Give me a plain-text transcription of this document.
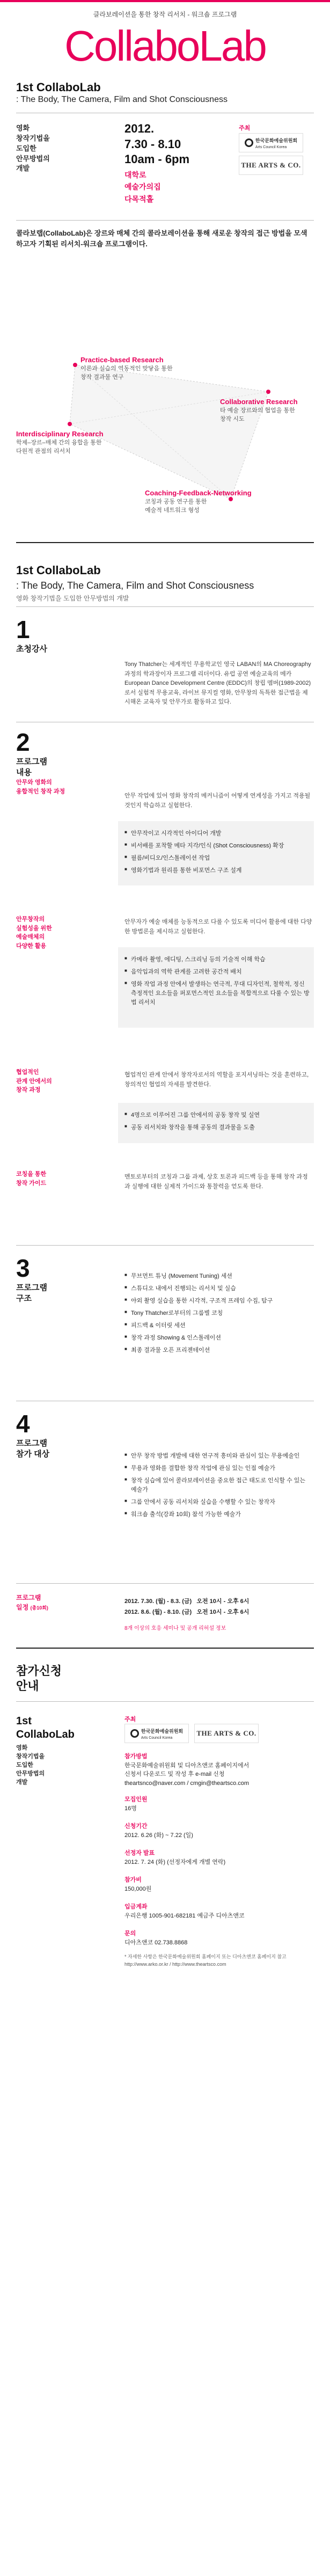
클라보레이션을 통한 창작 리서치 - 워크숍 프로그램
CollaboLab
1st CollaboLab
: The Body, The Camera, Film and Shot Consciousness
영화
창작기법을
도입한
안무방법의
개발
2012.
7.30 - 8.10
10am - 6pm
대학로
예술가의집
다목적홀
주최
한국문화예술위원회
Arts Council Korea
THE ARTS & CO.
콜라보랩(CollaboLab)은 장르와 매체 간의 콜라보레이션을 통해 새로운 창작의 접근 방법을 모색하고자 기획된 리서치-워크숍 프로그램이다.
Practice-based Research
이론과 실습의 역동적인 맞닿음 통한
창작 결과물 연구
Collaborative Research
타 예술 장르와의 협업을 통한
창작 시도
Interdisciplinary Research
학제–장르–매체 간의 융합을 통한
다원적 관점의 리서치
Coaching-Feedback-Networking
코칭과 공동 연구를 통한
예술적 네트워크 형성
1st CollaboLab
: The Body, The Camera, Film and Shot Consciousness
영화 창작기법을 도입한 안무방법의 개발
1
초청강사
Tony Thatcher는 세계적인 무용학교인 영국 LABAN의 MA Choreography 과정의 학과장이자 프로그램 리더이다. 유럽 공연 예술교육의 메카 European Dance Development Centre (EDDC)의 창립 멤버(1989-2002)로서 실험적 무용교육, 라이브 뮤지컬 영화, 안무창의 독특한 접근법을 제시해온 교육자 및 안무가로 활동하고 있다.
2
프로그램
내용
안무와 영화의
융합적인 창작 과정
안무 작업에 있어 영화 창작의 메커니즘이 어떻게 연계성을 가지고 적용될 것인지 학습하고 실험한다.
■ 안무작이고 시각적인 아이디어 개발
■ 비서배를 포착할 메타 지각/인식 (Shot Consciousness) 확장
■ 필름/비디오/인스톨레이션 작업
■ 영화기법과 원리를 통한 비포먼스 구조 설계
안무창작의
실험성을 위한
예술매체의
다양한 활용
안무자가 예술 매체를 능동적으로 다룰 수 있도록 미디어 활용에 대한 다양한 방법론을 제시하고 실험한다.
■ 카메라 촬영, 에디팅, 스크리닝 등의 기술적 이해 학습
■ 음악입과의 역학 관계를 고려한 공간적 배치
■ 영화 작업 과정 안에서 발생하는 연극적, 무대 디자인적, 철학적, 정신 측정적인 요소들을 퍼포먼스적인 요소들을 복합적으로 다룰 수 있는 방법 리서치
협업적인
관계 안에서의
창작 과정
협업적인 관계 안에서 창작자로서의 역할을 포지셔닝하는 것을 훈련하고, 창의적인 협업의 자세를 발견한다.
■ 4명으로 이루어진 그룹 안에서의 공동 창작 및 실연
■ 공동 리서치와 창작을 통해 공동의 결과물을 도출
코칭을 통한
창작 가이드
멘토로부터의 코칭과 그룹 과제, 상호 토론과 피드백 등을 통해 창작 과정과 실행에 대한 실제적 가이드와 통찰력을 얻도록 한다.
3
프로그램
구조
■ 무브먼트 튜닝 (Movement Tuning) 세션
■ 스튜디오 내에서 진행되는 리서치 및 실습
■ 야외 촬영 실습을 통한 시각적, 구조적 프레임 수집, 탐구
■ Tony Thatcher로부터의 그룹별 코칭
■ 피드백 & 이터릿 세션
■ 창작 과정 Showing & 인스톨레이션
■ 최종 결과물 오픈 프리젠테이션
4
프로그램
참가 대상
■	안무 창작 방법 개발에 대한 연구적 흥미와 관심이 있는 무용예술인
■ 무용과 영화를 결합한 창작 작업에 관심 있는 인접 예술가
■ 창작 실습에 있어 콜라보레이션을 중요한 접근 태도로 인식할 수 있는 예술가
■ 그룹 안에서 공동 리서치와 실습을 수행할 수 있는 창작자
■ 워크숍 출석(강좌 10회) 참석 가능한 예술가
프로그램
일정 (총10회)
2012. 7.30. (월) - 8.3. (금) 오전 10시 - 오후 6시
2012. 8.6. (월) - 8.10. (금) 오전 10시 - 오후 6시
8개 이상의 호응 세미나 및 공개 리허설 정보
참가신청
안내
1st
CollaboLab
영화
창작기법을
도입한
안무방법의
개발
주최
한국문화예술위원회
Arts Council Korea
THE ARTS & CO.
참가방법
한국문화예술위원회 및 디아츠앤코 홈페이지에서
신청서 다운로드 및 작성 후 e-mail 신청
theartsnco@naver.com / cmgin@theartsco.com
모집인원
16명
신청기간
2012. 6.26 (화) ~ 7.22 (일)
선정자 발표
2012. 7. 24 (화) (선정자에게 개별 연락)
참가비
150,000원
입금계좌
우리은행 1005-901-682181 예금주 디아츠앤코
문의
디아츠앤코 02.738.8868
* 자세한 사항은 한국문화예술위원회 홈페이지 또는 디아츠앤코 홈페이지 참고
http://www.arko.or.kr / http://www.theartsco.com
